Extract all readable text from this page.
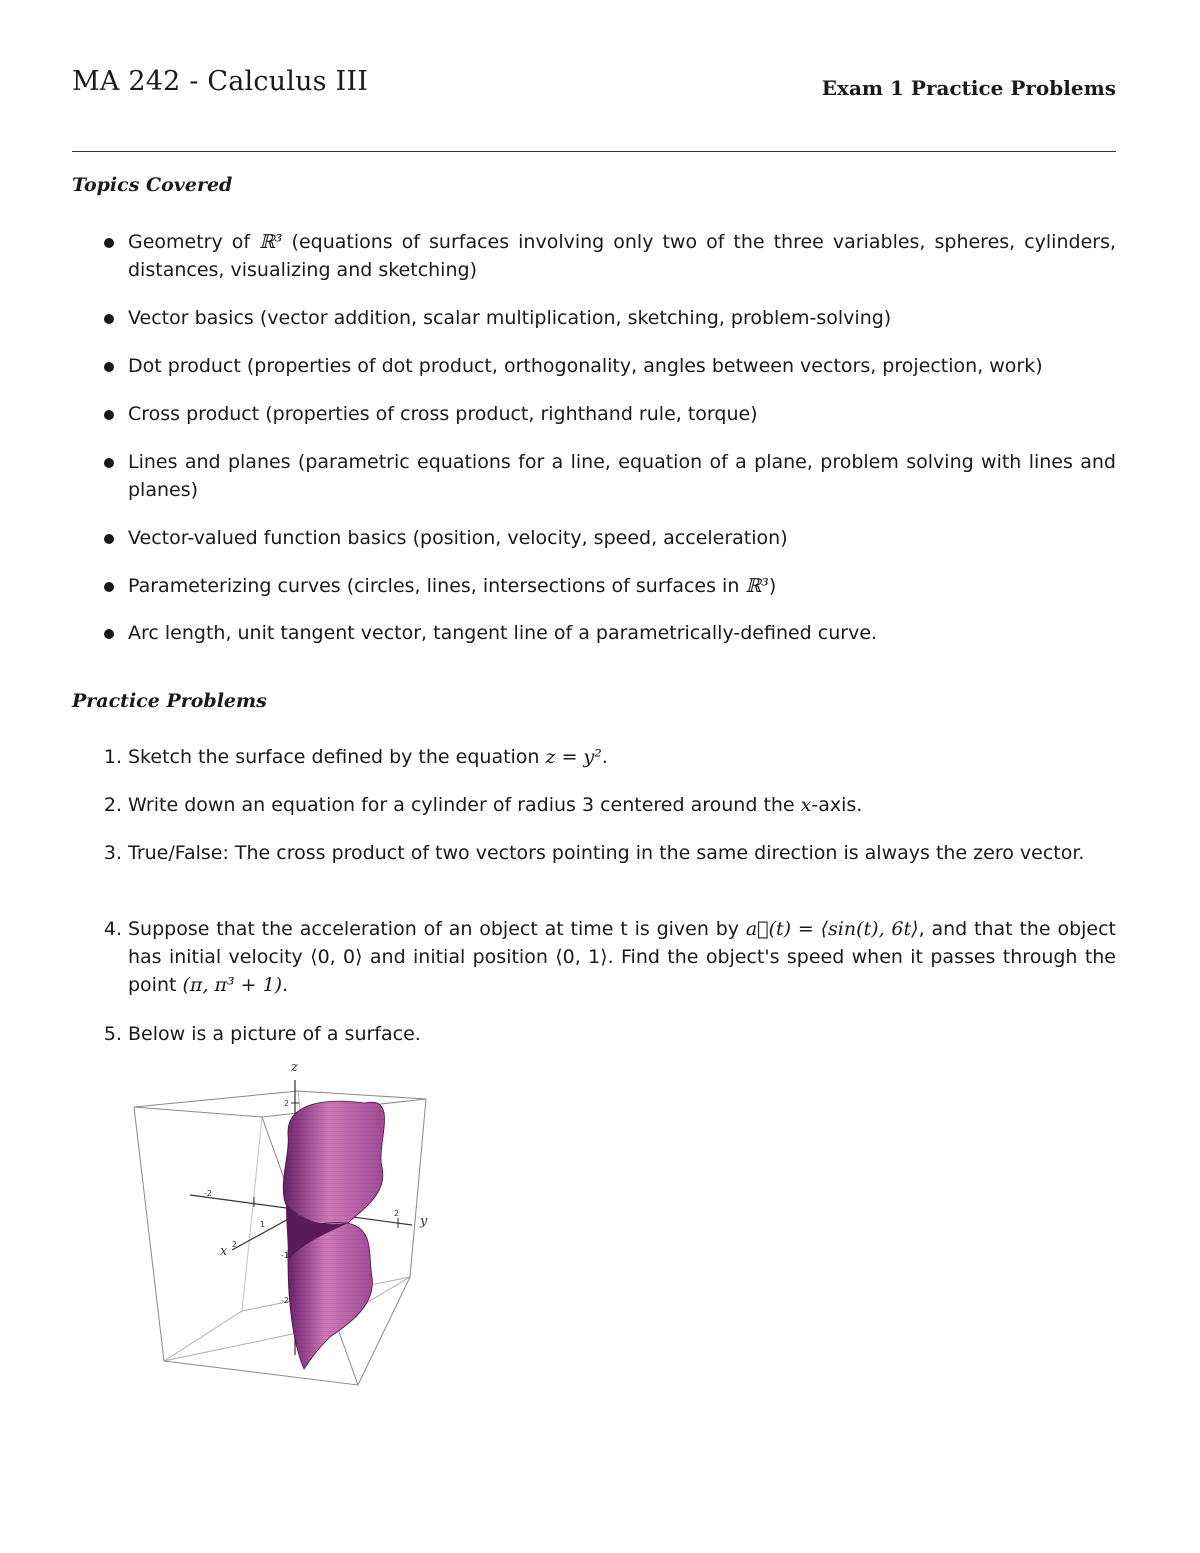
MA 242 - Calculus III	Exam 1 Practice Problems
Topics Covered
Geometry of ℝ³ (equations of surfaces involving only two of the three variables, spheres, cylinders, distances, visualizing and sketching)
Vector basics (vector addition, scalar multiplication, sketching, problem-solving)
Dot product (properties of dot product, orthogonality, angles between vectors, projection, work)
Cross product (properties of cross product, righthand rule, torque)
Lines and planes (parametric equations for a line, equation of a plane, problem solving with lines and planes)
Vector-valued function basics (position, velocity, speed, acceleration)
Parameterizing curves (circles, lines, intersections of surfaces in ℝ³)
Arc length, unit tangent vector, tangent line of a parametrically-defined curve.
Practice Problems
1. Sketch the surface defined by the equation z = y².
2. Write down an equation for a cylinder of radius 3 centered around the x-axis.
3. True/False: The cross product of two vectors pointing in the same direction is always the zero vector.
4. Suppose that the acceleration of an object at time t is given by a⃗(t) = ⟨sin(t), 6t⟩, and that the object has initial velocity ⟨0, 0⟩ and initial position ⟨0, 1⟩. Find the object's speed when it passes through the point (π, π³ + 1).
5. Below is a picture of a surface.
z
y
x
2
-1
-2
-2
2
1
2
